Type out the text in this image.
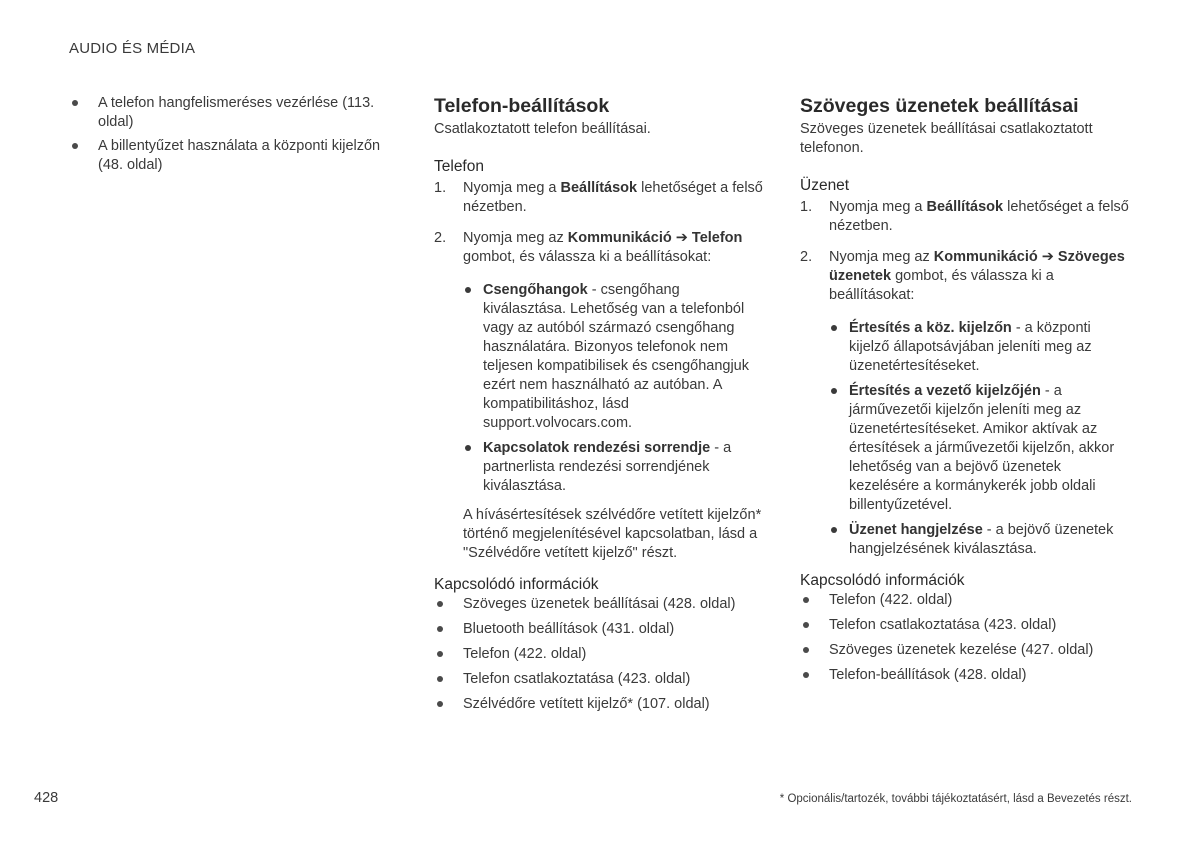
AUDIO ÉS MÉDIA
A telefon hangfelismeréses vezérlése (113. oldal)
A billentyűzet használata a központi kijelzőn (48. oldal)
Telefon-beállítások

Csatlakoztatott telefon beállításai.

Telefon
1. Nyomja meg a Beállítások lehetőséget a felső nézetben.
2. Nyomja meg az Kommunikáció ➔ Telefon gombot, és válassza ki a beállításokat:
Csengőhangok - csengőhang kiválasztása. Lehetőség van a telefonból vagy az autóból származó csengőhang használatára. Bizonyos telefonok nem teljesen kompatibilisek és csengőhangjuk ezért nem használható az autóban. A kompatibilitáshoz, lásd support.volvocars.com.
Kapcsolatok rendezési sorrendje - a partnerlista rendezési sorrendjének kiválasztása.

A hívásértesítések szélvédőre vetített kijelzőn* történő megjelenítésével kapcsolatban, lásd a "Szélvédőre vetített kijelző" részt.

Kapcsolódó információk
Szöveges üzenetek beállításai (428. oldal)
Bluetooth beállítások (431. oldal)
Telefon (422. oldal)
Telefon csatlakoztatása (423. oldal)
Szélvédőre vetített kijelző* (107. oldal)
Szöveges üzenetek beállításai

Szöveges üzenetek beállításai csatlakoztatott telefonon.

Üzenet
1. Nyomja meg a Beállítások lehetőséget a felső nézetben.
2. Nyomja meg az Kommunikáció ➔ Szöveges üzenetek gombot, és válassza ki a beállításokat:
Értesítés a köz. kijelzőn - a központi kijelző állapotsávjában jeleníti meg az üzenetértesítéseket.
Értesítés a vezető kijelzőjén - a járművezetői kijelzőn jeleníti meg az üzenetértesítéseket. Amikor aktívak az értesítések a járművezetői kijelzőn, akkor lehetőség van a bejövő üzenetek kezelésére a kormánykerék jobb oldali billentyűzetével.
Üzenet hangjelzése - a bejövő üzenetek hangjelzésének kiválasztása.
Kapcsolódó információk
Telefon (422. oldal)
Telefon csatlakoztatása (423. oldal)
Szöveges üzenetek kezelése (427. oldal)
Telefon-beállítások (428. oldal)
428	* Opcionális/tartozék, további tájékoztatásért, lásd a Bevezetés részt.
